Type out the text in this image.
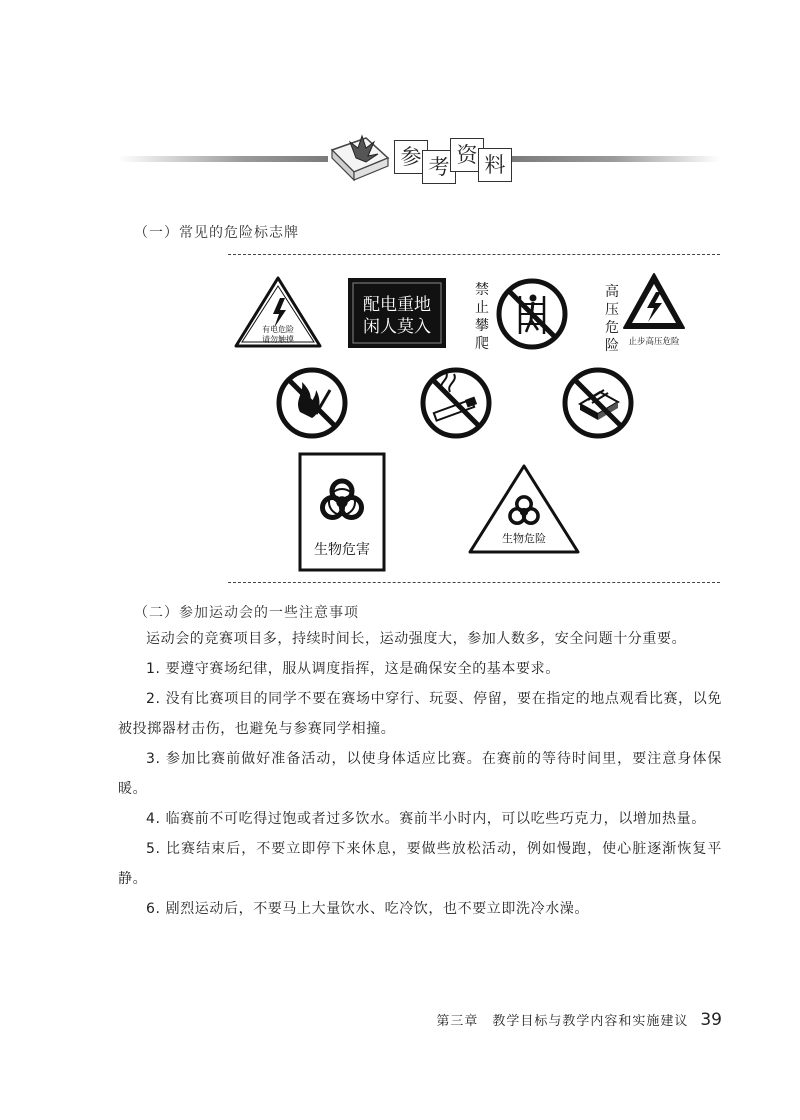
参 考 资 料
（一）常见的危险标志牌
有电危险
请勿触摸
配电重地
闲人莫入
禁
止
攀
爬
高
压
危
险 止步高压危险
生物危害
生物危险
（二）参加运动会的一些注意事项

运动会的竞赛项目多，持续时间长，运动强度大，参加人数多，安全问题十分重要。

1. 要遵守赛场纪律，服从调度指挥，这是确保安全的基本要求。

2. 没有比赛项目的同学不要在赛场中穿行、玩耍、停留，要在指定的地点观看比赛，以免被投掷器材击伤，也避免与参赛同学相撞。

3. 参加比赛前做好准备活动，以使身体适应比赛。在赛前的等待时间里，要注意身体保暖。

4. 临赛前不可吃得过饱或者过多饮水。赛前半小时内，可以吃些巧克力，以增加热量。

5. 比赛结束后，不要立即停下来休息，要做些放松活动，例如慢跑，使心脏逐渐恢复平静。

6. 剧烈运动后，不要马上大量饮水、吃冷饮，也不要立即洗冷水澡。

第三章　教学目标与教学内容和实施建议 39
